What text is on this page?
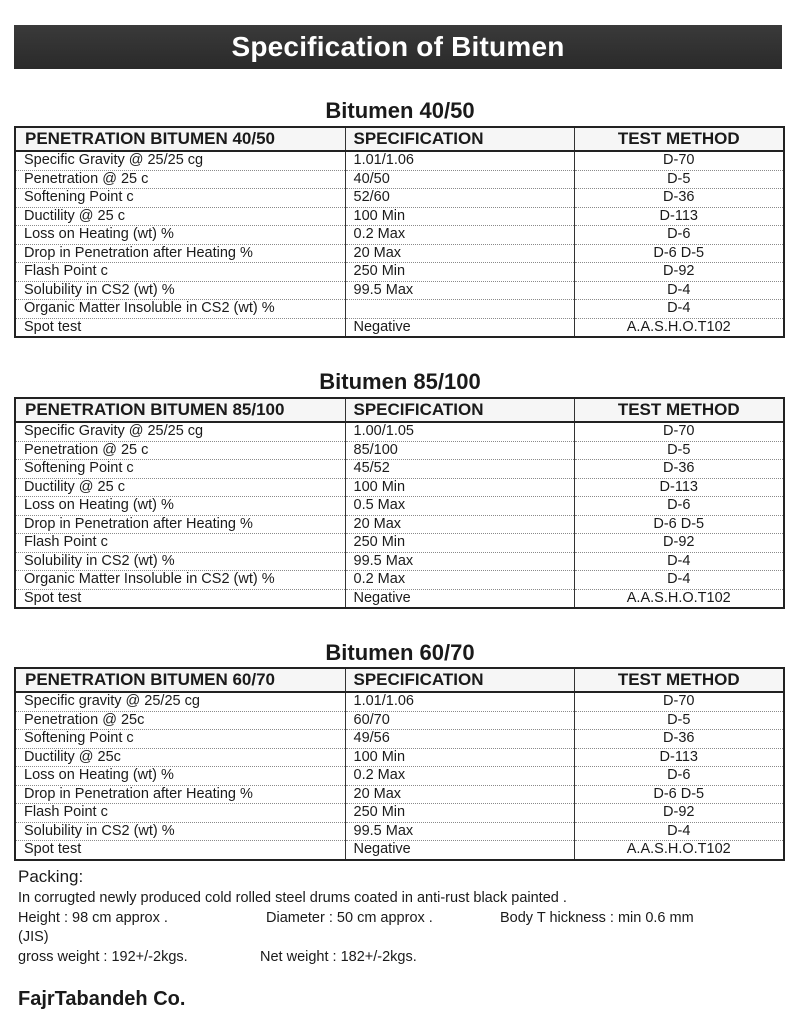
Specification of Bitumen
Bitumen 40/50
PENETRATION BITUMEN 40/50	SPECIFICATION	TEST METHOD
Specific Gravity @ 25/25 cg	1.01/1.06	D-70
Penetration @ 25 c	40/50	D-5
Softening Point c	52/60	D-36
Ductility @ 25 c	100 Min	D-113
Loss on Heating (wt) %	0.2 Max	D-6
Drop in Penetration after Heating %	20 Max	D-6 D-5
Flash Point c	250 Min	D-92
Solubility in CS2 (wt) %	99.5 Max	D-4
Organic Matter Insoluble in CS2 (wt) %		D-4
Spot test	Negative	A.A.S.H.O.T102
Bitumen 85/100
PENETRATION BITUMEN 85/100	SPECIFICATION	TEST METHOD
Specific Gravity @ 25/25 cg	1.00/1.05	D-70
Penetration @ 25 c	85/100	D-5
Softening Point c	45/52	D-36
Ductility @ 25 c	100 Min	D-113
Loss on Heating (wt) %	0.5 Max	D-6
Drop in Penetration after Heating %	20 Max	D-6 D-5
Flash Point c	250 Min	D-92
Solubility in CS2 (wt) %	99.5 Max	D-4
Organic Matter Insoluble in CS2 (wt) %	0.2 Max	D-4
Spot test	Negative	A.A.S.H.O.T102
Bitumen 60/70
PENETRATION BITUMEN 60/70	SPECIFICATION	TEST METHOD
Specific gravity @ 25/25 cg	1.01/1.06	D-70
Penetration @ 25c	60/70	D-5
Softening Point c	49/56	D-36
Ductility @ 25c	100 Min	D-113
Loss on Heating (wt) %	0.2 Max	D-6
Drop in Penetration after Heating %	20 Max	D-6 D-5
Flash Point c	250 Min	D-92
Solubility in CS2 (wt) %	99.5 Max	D-4
Spot test	Negative	A.A.S.H.O.T102
Packing:
In corrugted newly produced cold rolled steel drums coated in anti-rust black painted .
Height : 98 cm approx .	Diameter : 50 cm approx .	Body T hickness : min 0.6 mm
(JIS)
gross weight : 192+/-2kgs.	Net weight : 182+/-2kgs.
FajrTabandeh Co.
